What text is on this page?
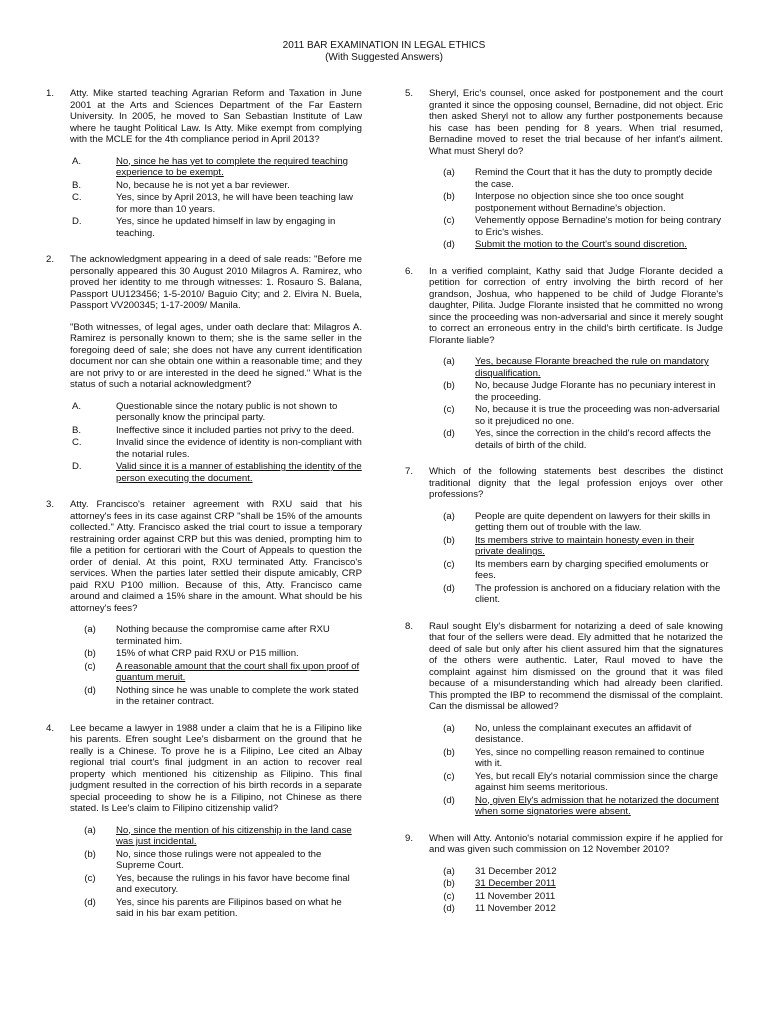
2011 BAR EXAMINATION IN LEGAL ETHICS
(With Suggested Answers)
1. Atty. Mike started teaching Agrarian Reform and Taxation in June 2001 at the Arts and Sciences Department of the Far Eastern University. In 2005, he moved to San Sebastian Institute of Law where he taught Political Law. Is Atty. Mike exempt from complying with the MCLE for the 4th compliance period in April 2013?

A.	No, since he has yet to complete the required teaching experience to be exempt.
B.	No, because he is not yet a bar reviewer.
C.	Yes, since by April 2013, he will have been teaching law for more than 10 years.
D.	Yes, since he updated himself in law by engaging in teaching.
2. The acknowledgment appearing in a deed of sale reads: "Before me personally appeared this 30 August 2010 Milagros A. Ramirez, who proved her identity to me through witnesses: 1. Rosauro S. Balana, Passport UU123456; 1-5-2010/ Baguio City; and 2. Elvira N. Buela, Passport VV200345; 1-17-2009/ Manila.

"Both witnesses, of legal ages, under oath declare that: Milagros A. Ramirez is personally known to them; she is the same seller in the foregoing deed of sale; she does not have any current identification document nor can she obtain one within a reasonable time; and they are not privy to or are interested in the deed he signed." What is the status of such a notarial acknowledgment?

A.	Questionable since the notary public is not shown to personally know the principal party.
B.	Ineffective since it included parties not privy to the deed.
C.	Invalid since the evidence of identity is non-compliant with the notarial rules.
D.	Valid since it is a manner of establishing the identity of the person executing the document.
3. Atty. Francisco's retainer agreement with RXU said that his attorney's fees in its case against CRP "shall be 15% of the amounts collected." Atty. Francisco asked the trial court to issue a temporary restraining order against CRP but this was denied, prompting him to file a petition for certiorari with the Court of Appeals to question the order of denial. At this point, RXU terminated Atty. Francisco's services. When the parties later settled their dispute amicably, CRP paid RXU P100 million. Because of this, Atty. Francisco came around and claimed a 15% share in the amount. What should be his attorney's fees?

(a)	Nothing because the compromise came after RXU terminated him.
(b)	15% of what CRP paid RXU or P15 million.
(c)	A reasonable amount that the court shall fix upon proof of quantum meruit.
(d)	Nothing since he was unable to complete the work stated in the retainer contract.
4. Lee became a lawyer in 1988 under a claim that he is a Filipino like his parents. Efren sought Lee's disbarment on the ground that he really is a Chinese. To prove he is a Filipino, Lee cited an Albay regional trial court's final judgment in an action to recover real property which mentioned his citizenship as Filipino. This final judgment resulted in the correction of his birth records in a separate special proceeding to show he is a Filipino, not Chinese as there stated. Is Lee's claim to Filipino citizenship valid?

(a)	No, since the mention of his citizenship in the land case was just incidental.
(b)	No, since those rulings were not appealed to the Supreme Court.
(c)	Yes, because the rulings in his favor have become final and executory.
(d)	Yes, since his parents are Filipinos based on what he said in his bar exam petition.
5. Sheryl, Eric's counsel, once asked for postponement and the court granted it since the opposing counsel, Bernadine, did not object. Eric then asked Sheryl not to allow any further postponements because his case has been pending for 8 years. When trial resumed, Bernadine moved to reset the trial because of her infant's ailment. What must Sheryl do?

(a)	Remind the Court that it has the duty to promptly decide the case.
(b)	Interpose no objection since she too once sought postponement without Bernadine's objection.
(c)	Vehemently oppose Bernadine's motion for being contrary to Eric's wishes.
(d)	Submit the motion to the Court's sound discretion.
6. In a verified complaint, Kathy said that Judge Florante decided a petition for correction of entry involving the birth record of her grandson, Joshua, who happened to be child of Judge Florante's daughter, Pilita. Judge Florante insisted that he committed no wrong since the proceeding was non-adversarial and since it merely sought to correct an erroneous entry in the child's birth certificate. Is Judge Florante liable?

(a)	Yes, because Florante breached the rule on mandatory disqualification.
(b)	No, because Judge Florante has no pecuniary interest in the proceeding.
(c)	No, because it is true the proceeding was non-adversarial so it prejudiced no one.
(d)	Yes, since the correction in the child's record affects the details of birth of the child.
7. Which of the following statements best describes the distinct traditional dignity that the legal profession enjoys over other professions?

(a)	People are quite dependent on lawyers for their skills in getting them out of trouble with the law.
(b)	Its members strive to maintain honesty even in their private dealings.
(c)	Its members earn by charging specified emoluments or fees.
(d)	The profession is anchored on a fiduciary relation with the client.
8. Raul sought Ely's disbarment for notarizing a deed of sale knowing that four of the sellers were dead. Ely admitted that he notarized the deed of sale but only after his client assured him that the signatures of the others were authentic. Later, Raul moved to have the complaint against him dismissed on the ground that it was filed because of a misunderstanding which had already been clarified. This prompted the IBP to recommend the dismissal of the complaint. Can the dismissal be allowed?

(a)	No, unless the complainant executes an affidavit of desistance.
(b)	Yes, since no compelling reason remained to continue with it.
(c)	Yes, but recall Ely's notarial commission since the charge against him seems meritorious.
(d)	No, given Ely's admission that he notarized the document when some signatories were absent.
9. When will Atty. Antonio's notarial commission expire if he applied for and was given such commission on 12 November 2010?

(a)	31 December 2012
(b)	31 December 2011
(c)	11 November 2011
(d)	11 November 2012
